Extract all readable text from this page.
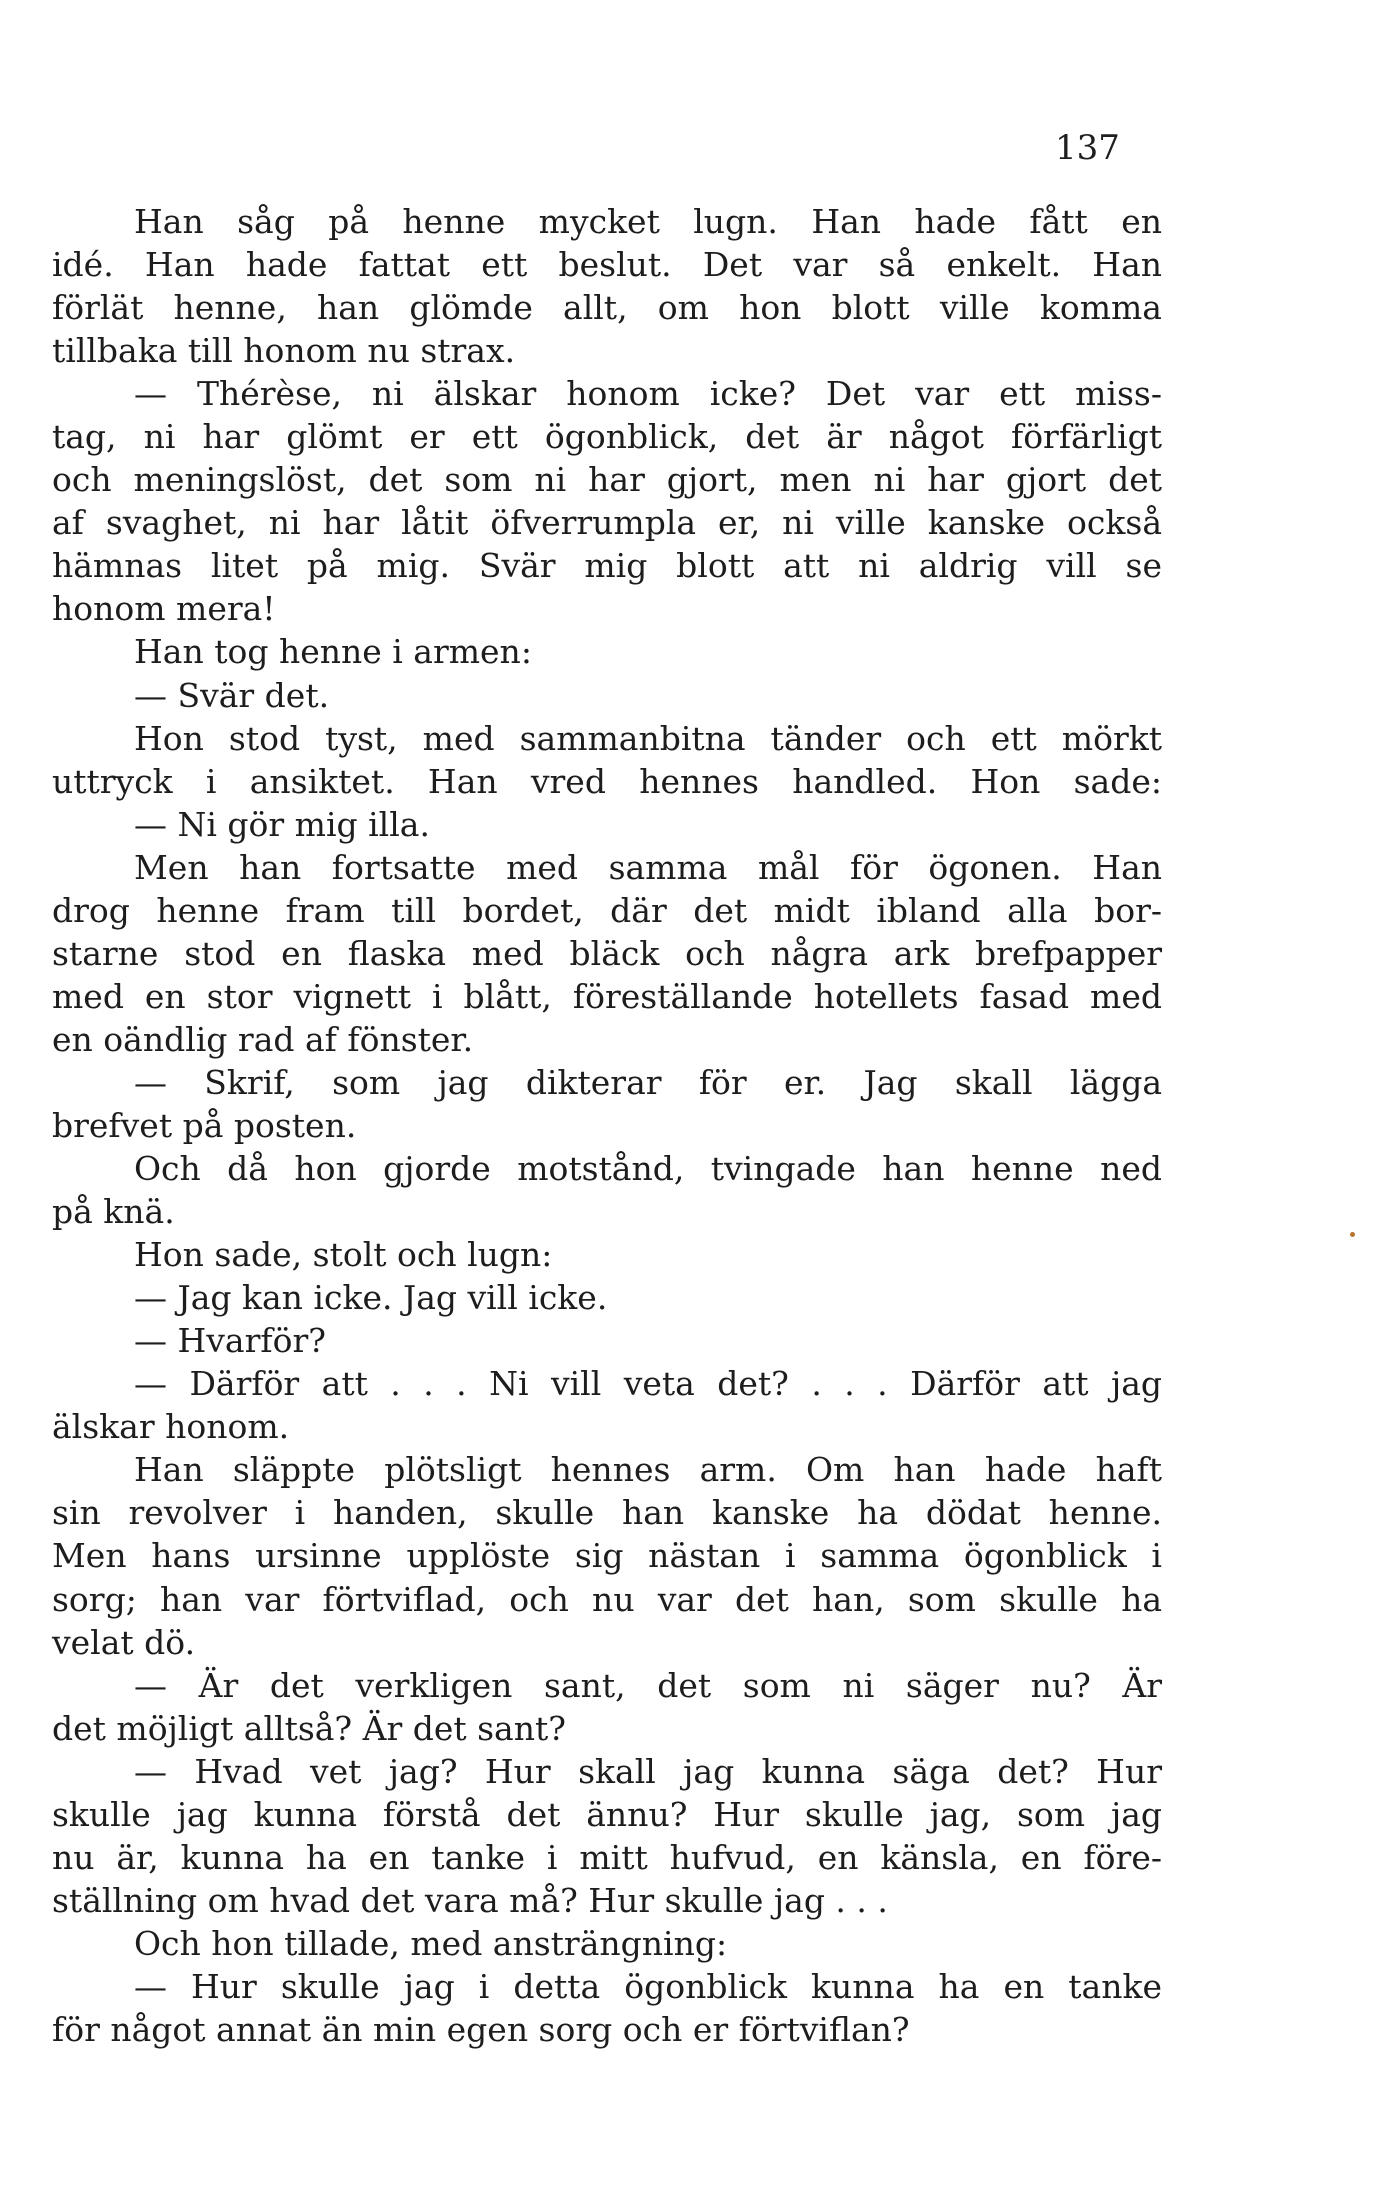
137
Han såg på henne mycket lugn. Han hade fått en
idé. Han hade fattat ett beslut. Det var så enkelt. Han
förlät henne, han glömde allt, om hon blott ville komma
tillbaka till honom nu strax.
— Thérèse, ni älskar honom icke? Det var ett miss-
tag, ni har glömt er ett ögonblick, det är något förfärligt
och meningslöst, det som ni har gjort, men ni har gjort det
af svaghet, ni har låtit öfverrumpla er, ni ville kanske också
hämnas litet på mig. Svär mig blott att ni aldrig vill se
honom mera!
Han tog henne i armen:
— Svär det.
Hon stod tyst, med sammanbitna tänder och ett mörkt
uttryck i ansiktet. Han vred hennes handled. Hon sade:
— Ni gör mig illa.
Men han fortsatte med samma mål för ögonen. Han
drog henne fram till bordet, där det midt ibland alla bor-
starne stod en flaska med bläck och några ark brefpapper
med en stor vignett i blått, föreställande hotellets fasad med
en oändlig rad af fönster.
— Skrif, som jag dikterar för er. Jag skall lägga
brefvet på posten.
Och då hon gjorde motstånd, tvingade han henne ned
på knä.
Hon sade, stolt och lugn:
— Jag kan icke. Jag vill icke.
— Hvarför?
— Därför att . . . Ni vill veta det? . . . Därför att jag
älskar honom.
Han släppte plötsligt hennes arm. Om han hade haft
sin revolver i handen, skulle han kanske ha dödat henne.
Men hans ursinne upplöste sig nästan i samma ögonblick i
sorg; han var förtviflad, och nu var det han, som skulle ha
velat dö.
— Är det verkligen sant, det som ni säger nu? Är
det möjligt alltså? Är det sant?
— Hvad vet jag? Hur skall jag kunna säga det? Hur
skulle jag kunna förstå det ännu? Hur skulle jag, som jag
nu är, kunna ha en tanke i mitt hufvud, en känsla, en före-
ställning om hvad det vara må? Hur skulle jag . . .
Och hon tillade, med ansträngning:
— Hur skulle jag i detta ögonblick kunna ha en tanke
för något annat än min egen sorg och er förtviflan?
